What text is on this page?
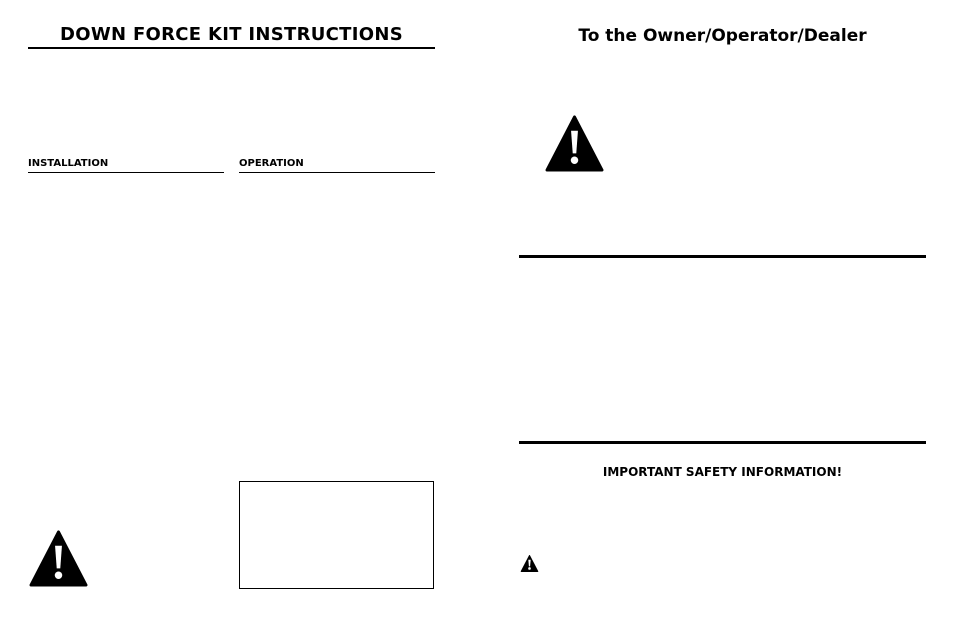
DOWN FORCE KIT INSTRUCTIONS
INSTALLATION	OPERATION
To the Owner/Operator/Dealer
IMPORTANT SAFETY INFORMATION!
